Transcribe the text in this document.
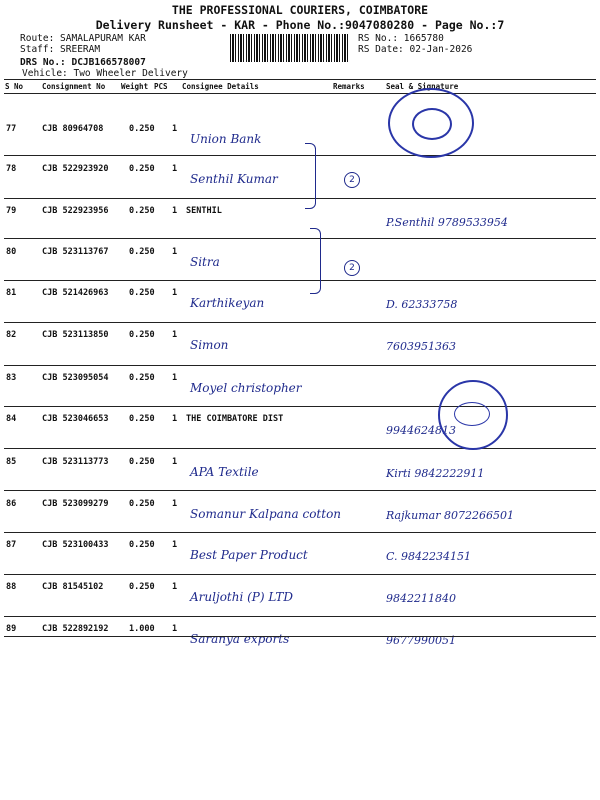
THE PROFESSIONAL COURIERS, COIMBATORE
Delivery Runsheet - KAR - Phone No.:9047080280 - Page No.:7
Route: SAMALAPURAM KAR
Staff: SREERAM
DRS No.: DCJB166578007
Vehicle: Two Wheeler Delivery
RS No.: 1665780
RS Date: 02-Jan-2026
S No	Consignment No Weight PCS Consignee Details	Remarks	Seal & Signature
77	CJB 80964708	0.250 1
Union Bank
78	CJB 522923920 0.250 1
Senthil Kumar
79	CJB 522923956 0.250 1 SENTHIL
P.Senthil 9789533954
80	CJB 523113767 0.250 1
Sitra
81	CJB 521426963 0.250 1
Karthikeyan	D. 62333758
82	CJB 523113850 0.250 1
Simon	7603951363
83	CJB 523095054 0.250 1
Moyel christopher
84	CJB 523046653 0.250 1 THE COIMBATORE DIST
9944624813
85	CJB 523113773 0.250 1
APA Textile	Kirti 9842222911
86	CJB 523099279 0.250 1
Somanur Kalpana cotton	Rajkumar 8072266501
87	CJB 523100433 0.250 1
Best Paper Product	C. 9842234151
88	CJB 81545102	0.250 1
Aruljothi (P) LTD	9842211840
89	CJB 522892192 1.000 1
Saranya exports	9677990051
2
2
